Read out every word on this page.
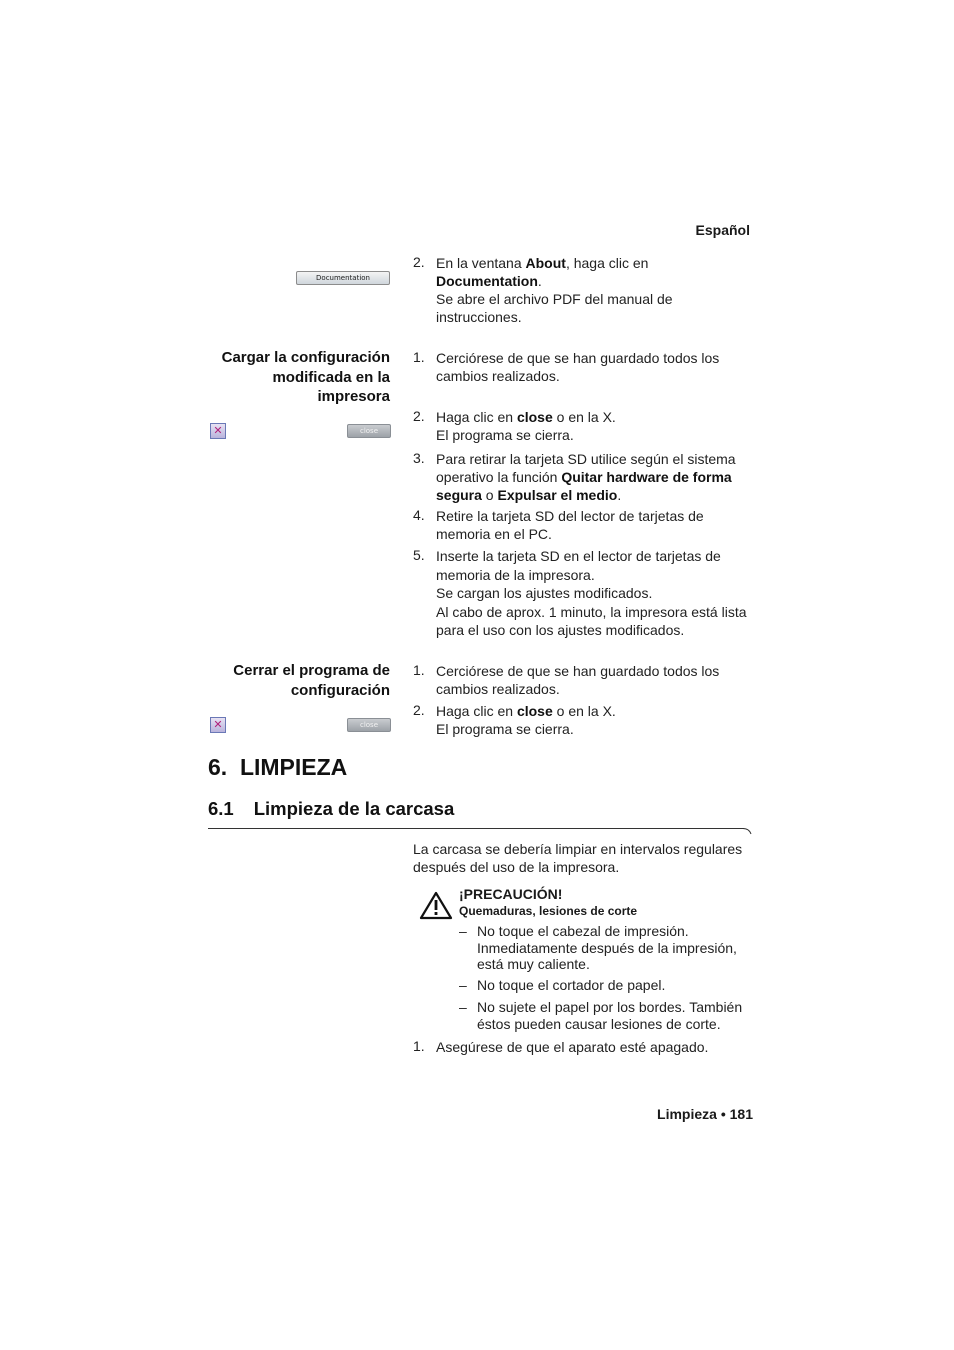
Español
Documentation
2. En la ventana About, haga clic en
Documentation.
Se abre el archivo PDF del manual de
instrucciones.
Cargar la configuración
modificada en la
impresora
✕	close
1. Cerciórese de que se han guardado todos los
cambios realizados.
2. Haga clic en close o en la X.
El programa se cierra.
3. Para retirar la tarjeta SD utilice según el sistema
operativo la función Quitar hardware de forma
segura o Expulsar el medio.
4. Retire la tarjeta SD del lector de tarjetas de
memoria en el PC.
5. Inserte la tarjeta SD en el lector de tarjetas de
memoria de la impresora.
Se cargan los ajustes modificados.
Al cabo de aprox. 1 minuto, la impresora está lista
para el uso con los ajustes modificados.
Cerrar el programa de
configuración
✕	close
1. Cerciórese de que se han guardado todos los
cambios realizados.
2. Haga clic en close o en la X.
El programa se cierra.
6.  LIMPIEZA
6.1 Limpieza de la carcasa
La carcasa se debería limpiar en intervalos regulares
después del uso de la impresora.
¡PRECAUCIÓN!
Quemaduras, lesiones de corte
– No toque el cabezal de impresión.
Inmediatamente después de la impresión,
está muy caliente.
– No toque el cortador de papel.
– No sujete el papel por los bordes. También
éstos pueden causar lesiones de corte.
1. Asegúrese de que el aparato esté apagado.
Limpieza • 181
